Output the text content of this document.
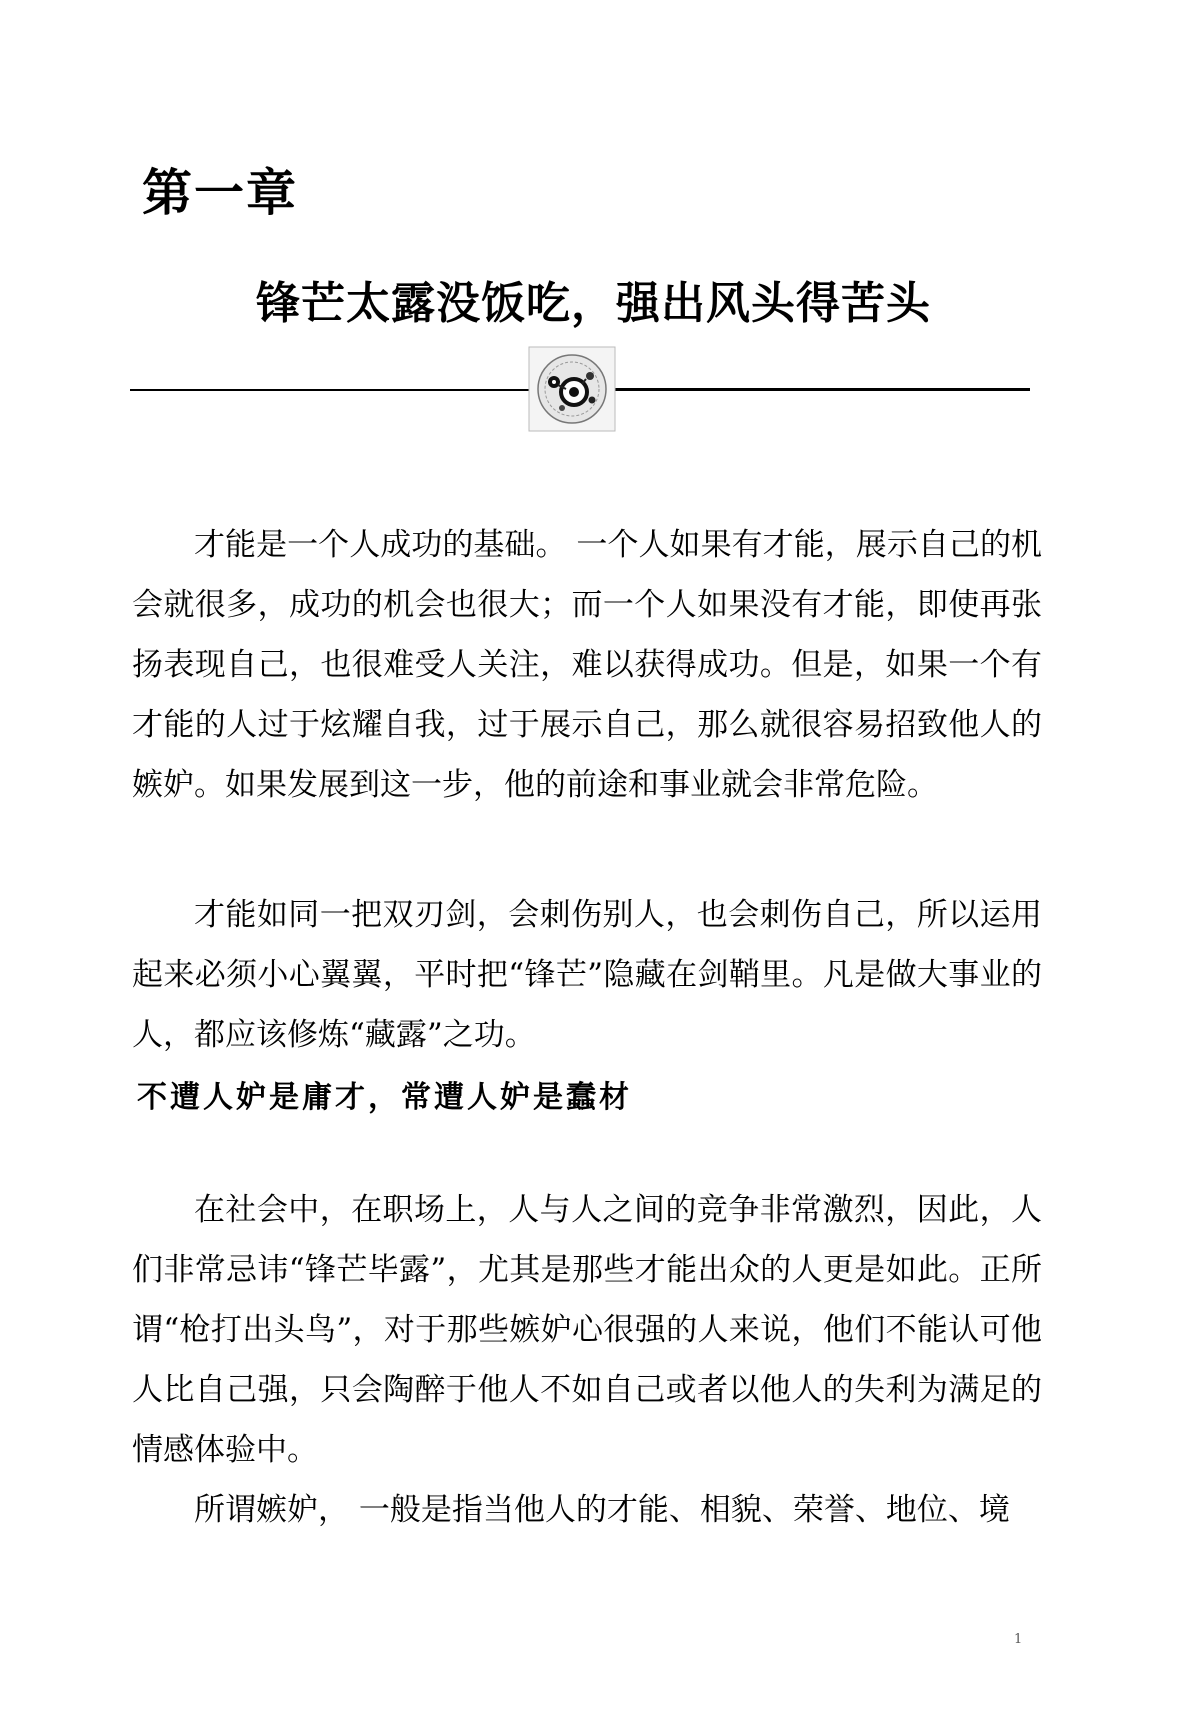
第一章
锋芒太露没饭吃，强出风头得苦头

才能是一个人成功的基础。 一个人如果有才能，展示自己的机会就很多，成功的机会也很大；而一个人如果没有才能，即使再张扬表现自己，也很难受人关注，难以获得成功。但是，如果一个有才能的人过于炫耀自我，过于展示自己，那么就很容易招致他人的嫉妒。如果发展到这一步，他的前途和事业就会非常危险。

才能如同一把双刃剑，会刺伤别人，也会刺伤自己，所以运用起来必须小心翼翼，平时把“锋芒”隐藏在剑鞘里。凡是做大事业的人，都应该修炼“藏露”之功。

不遭人妒是庸才，常遭人妒是蠢材

在社会中，在职场上，人与人之间的竞争非常激烈，因此，人们非常忌讳“锋芒毕露”，尤其是那些才能出众的人更是如此。正所谓“枪打出头鸟”，对于那些嫉妒心很强的人来说，他们不能认可他人比自己强，只会陶醉于他人不如自己或者以他人的失利为满足的情感体验中。

所谓嫉妒， 一般是指当他人的才能、相貌、荣誉、地位、境

1
